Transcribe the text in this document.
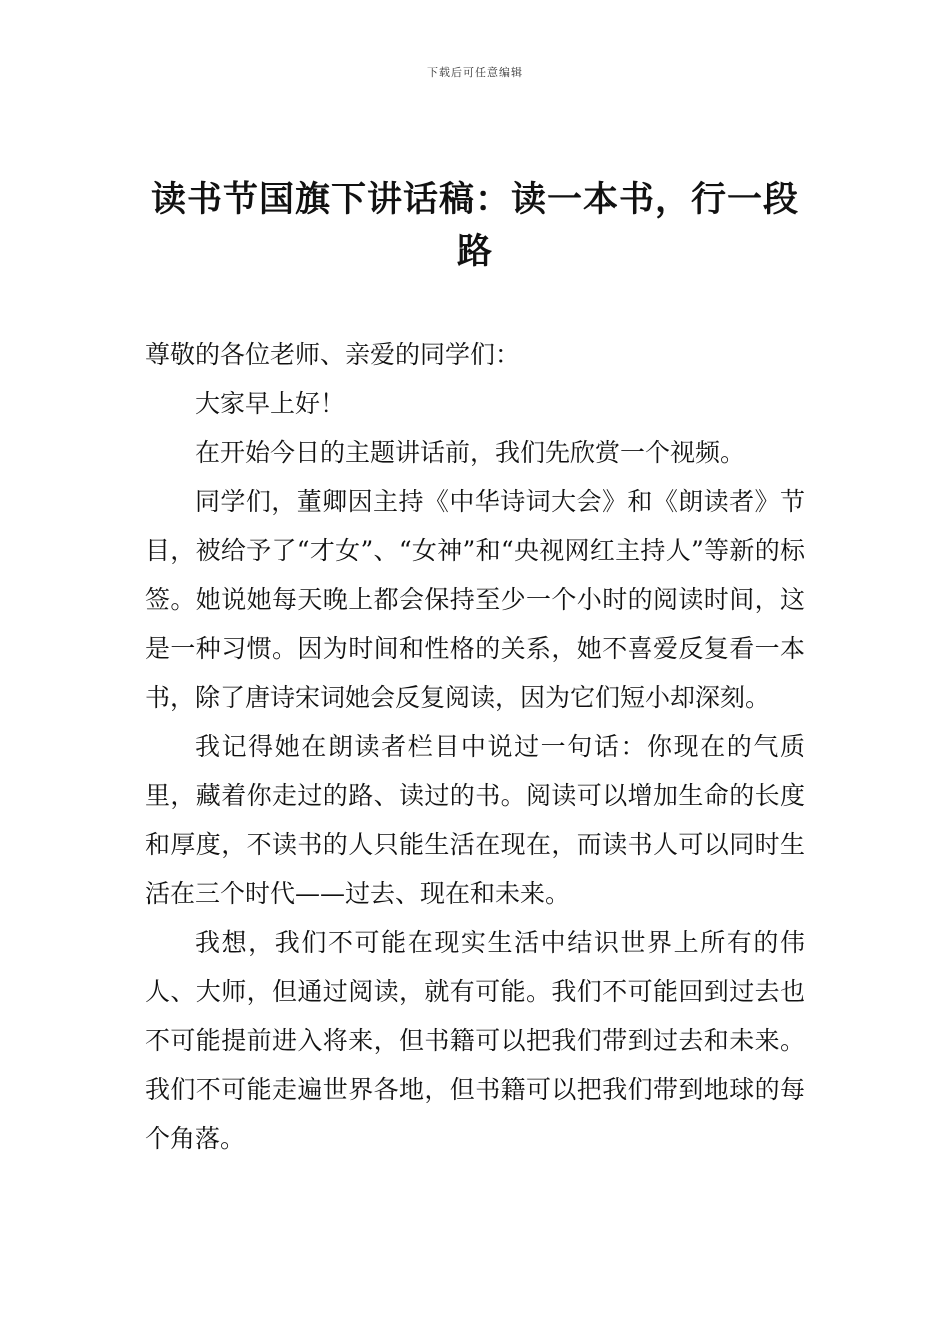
下载后可任意编辑
读书节国旗下讲话稿：读一本书，行一段路

尊敬的各位老师、亲爱的同学们：

大家早上好！

在开始今日的主题讲话前，我们先欣赏一个视频。

同学们，董卿因主持《中华诗词大会》和《朗读者》节目，被给予了“才女”、“女神”和“央视网红主持人”等新的标签。她说她每天晚上都会保持至少一个小时的阅读时间，这是一种习惯。因为时间和性格的关系，她不喜爱反复看一本书，除了唐诗宋词她会反复阅读，因为它们短小却深刻。

我记得她在朗读者栏目中说过一句话：你现在的气质里，藏着你走过的路、读过的书。阅读可以增加生命的长度和厚度，不读书的人只能生活在现在，而读书人可以同时生活在三个时代——过去、现在和未来。

我想，我们不可能在现实生活中结识世界上所有的伟人、大师，但通过阅读，就有可能。我们不可能回到过去也不可能提前进入将来，但书籍可以把我们带到过去和未来。我们不可能走遍世界各地，但书籍可以把我们带到地球的每个角落。
